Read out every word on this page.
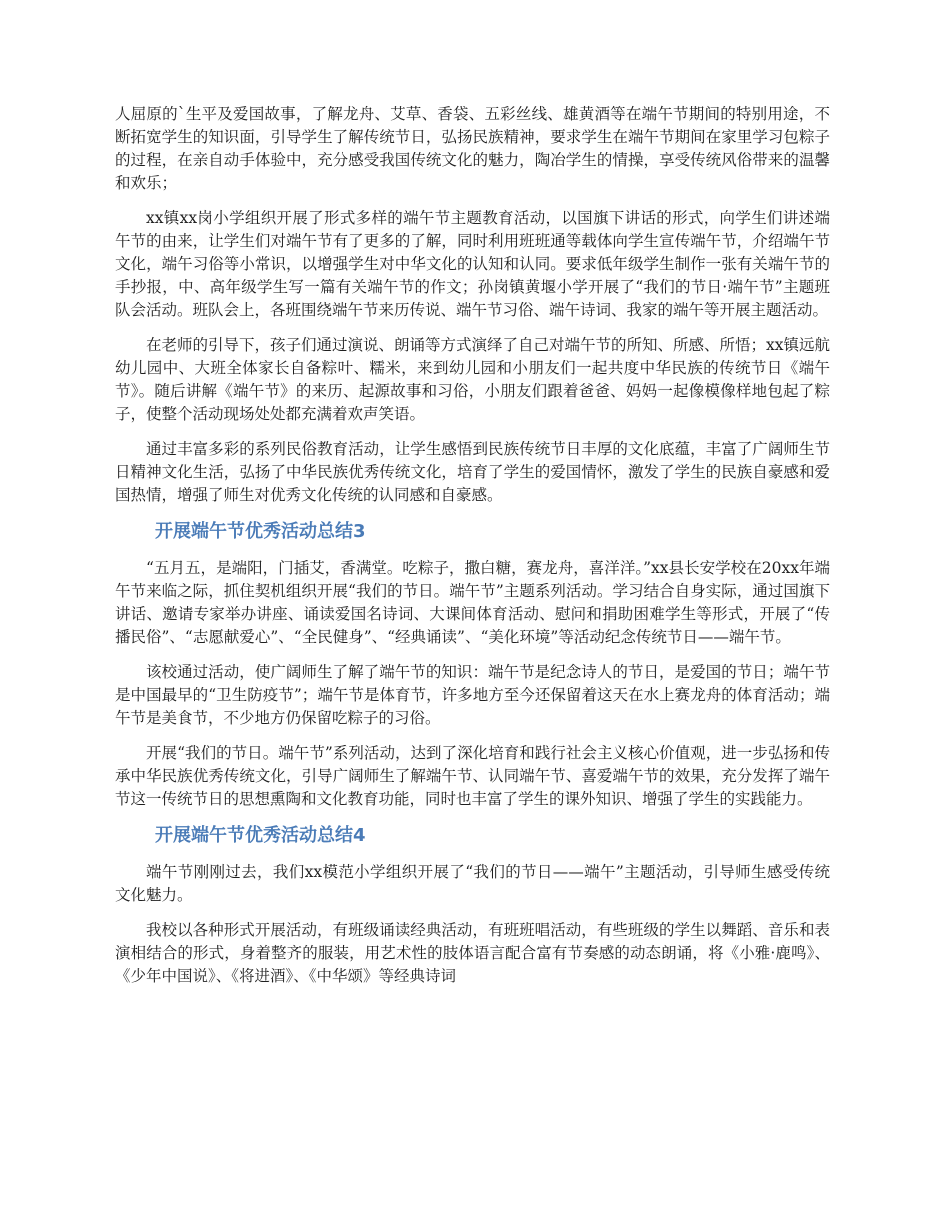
人屈原的`生平及爱国故事，了解龙舟、艾草、香袋、五彩丝线、雄黄酒等在端午节期间的特别用途，不断拓宽学生的知识面，引导学生了解传统节日，弘扬民族精神，要求学生在端午节期间在家里学习包粽子的过程，在亲自动手体验中，充分感受我国传统文化的魅力，陶冶学生的情操，享受传统风俗带来的温馨和欢乐；

xx镇xx岗小学组织开展了形式多样的端午节主题教育活动，以国旗下讲话的形式，向学生们讲述端午节的由来，让学生们对端午节有了更多的了解，同时利用班班通等载体向学生宣传端午节，介绍端午节文化，端午习俗等小常识，以增强学生对中华文化的认知和认同。要求低年级学生制作一张有关端午节的手抄报，中、高年级学生写一篇有关端午节的作文；孙岗镇黄堰小学开展了“我们的节日·端午节”主题班队会活动。班队会上，各班围绕端午节来历传说、端午节习俗、端午诗词、我家的端午等开展主题活动。

在老师的引导下，孩子们通过演说、朗诵等方式演绎了自己对端午节的所知、所感、所悟；xx镇远航幼儿园中、大班全体家长自备粽叶、糯米，来到幼儿园和小朋友们一起共度中华民族的传统节日《端午节》。随后讲解《端午节》的来历、起源故事和习俗，小朋友们跟着爸爸、妈妈一起像模像样地包起了粽子，使整个活动现场处处都充满着欢声笑语。

通过丰富多彩的系列民俗教育活动，让学生感悟到民族传统节日丰厚的文化底蕴，丰富了广阔师生节日精神文化生活，弘扬了中华民族优秀传统文化，培育了学生的爱国情怀，激发了学生的民族自豪感和爱国热情，增强了师生对优秀文化传统的认同感和自豪感。

开展端午节优秀活动总结3

“五月五，是端阳，门插艾，香满堂。吃粽子，撒白糖，赛龙舟，喜洋洋。”xx县长安学校在20xx年端午节来临之际，抓住契机组织开展“我们的节日。端午节”主题系列活动。学习结合自身实际，通过国旗下讲话、邀请专家举办讲座、诵读爱国名诗词、大课间体育活动、慰问和捐助困难学生等形式，开展了“传播民俗”、“志愿献爱心”、“全民健身”、“经典诵读”、“美化环境”等活动纪念传统节日——端午节。

该校通过活动，使广阔师生了解了端午节的知识：端午节是纪念诗人的节日，是爱国的节日；端午节是中国最早的“卫生防疫节”；端午节是体育节，许多地方至今还保留着这天在水上赛龙舟的体育活动；端午节是美食节，不少地方仍保留吃粽子的习俗。

开展“我们的节日。端午节”系列活动，达到了深化培育和践行社会主义核心价值观，进一步弘扬和传承中华民族优秀传统文化，引导广阔师生了解端午节、认同端午节、喜爱端午节的效果，充分发挥了端午节这一传统节日的思想熏陶和文化教育功能，同时也丰富了学生的课外知识、增强了学生的实践能力。

开展端午节优秀活动总结4

端午节刚刚过去，我们xx模范小学组织开展了“我们的节日——端午”主题活动，引导师生感受传统文化魅力。

我校以各种形式开展活动，有班级诵读经典活动，有班班唱活动，有些班级的学生以舞蹈、音乐和表演相结合的形式，身着整齐的服装，用艺术性的肢体语言配合富有节奏感的动态朗诵，将《小雅·鹿鸣》、《少年中国说》、《将进酒》、《中华颂》等经典诗词
